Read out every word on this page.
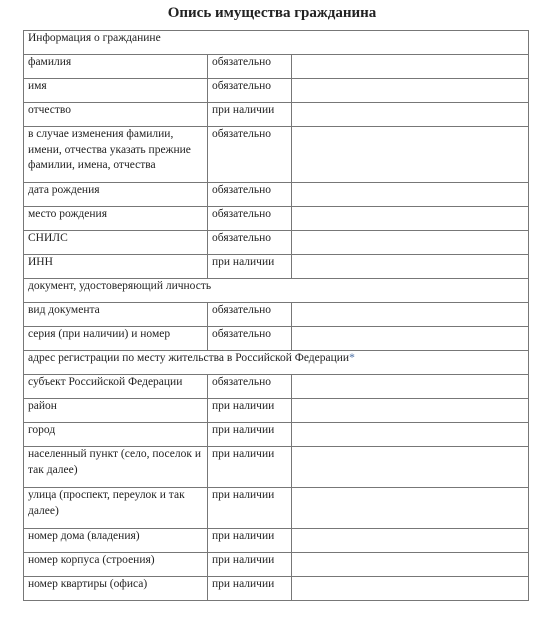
Опись имущества гражданина
Информация о гражданине		
фамилия	обязательно	
имя	обязательно	
отчество	при наличии	
в случае изменения фамилии, имени, отчества указать прежние фамилии, имена, отчества	обязательно	
дата рождения	обязательно	
место рождения	обязательно	
СНИЛС	обязательно	
ИНН	при наличии	
документ, удостоверяющий личность		
вид документа	обязательно	
серия (при наличии) и номер	обязательно	
адрес регистрации по месту жительства в Российской Федерации*		
субъект Российской Федерации	обязательно	
район	при наличии	
город	при наличии	
населенный пункт (село, поселок и так далее)	при наличии	
улица (проспект, переулок и так далее)	при наличии	
номер дома (владения)	при наличии	
номер корпуса (строения)	при наличии	
номер квартиры (офиса)	при наличии	
